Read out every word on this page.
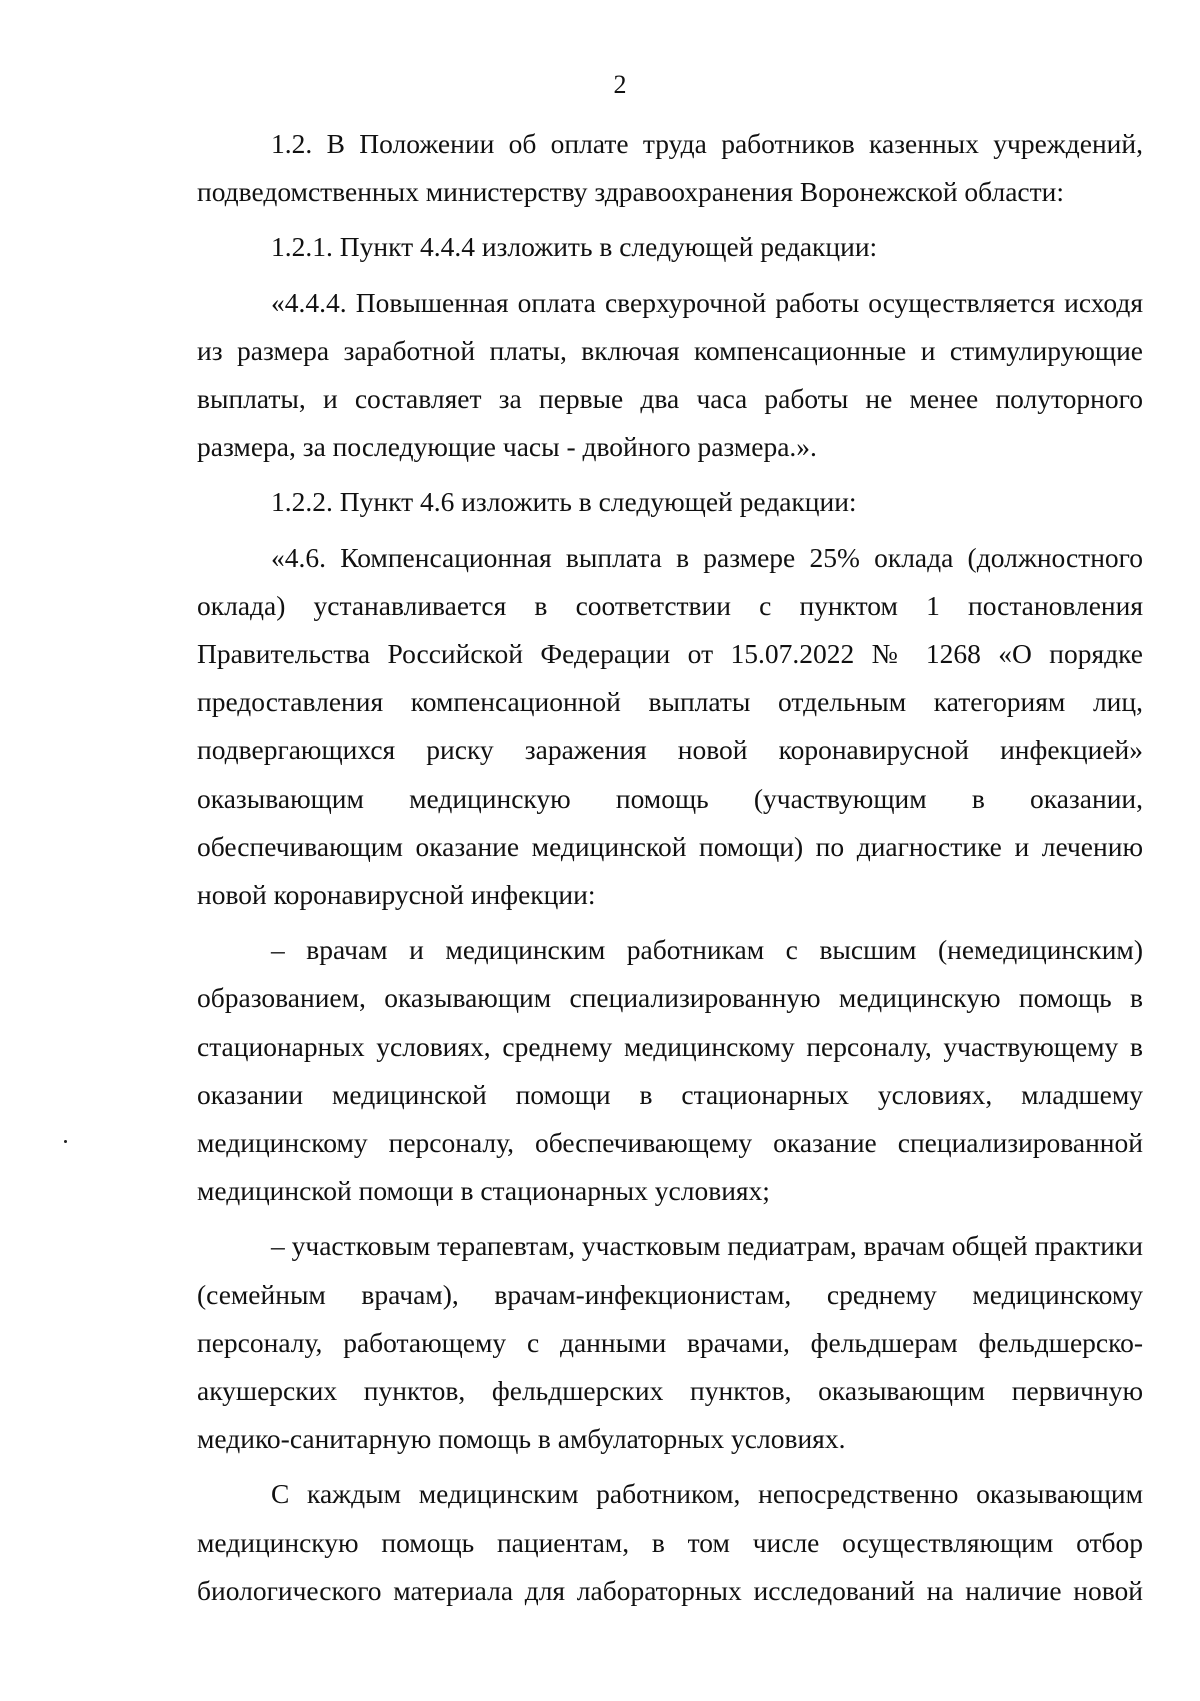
2

1.2. В Положении об оплате труда работников казенных учреждений, подведомственных министерству здравоохранения Воронежской области:

1.2.1. Пункт 4.4.4 изложить в следующей редакции:

«4.4.4. Повышенная оплата сверхурочной работы осуществляется исходя из размера заработной платы, включая компенсационные и стимулирующие выплаты, и составляет за первые два часа работы не менее полуторного размера, за последующие часы - двойного размера.».

1.2.2. Пункт 4.6 изложить в следующей редакции:

«4.6. Компенсационная выплата в размере 25% оклада (должностного оклада) устанавливается в соответствии с пунктом 1 постановления Правительства Российской Федерации от 15.07.2022 № 1268 «О порядке предоставления компенсационной выплаты отдельным категориям лиц, подвергающихся риску заражения новой коронавирусной инфекцией» оказывающим медицинскую помощь (участвующим в оказании, обеспечивающим оказание медицинской помощи) по диагностике и лечению новой коронавирусной инфекции:

– врачам и медицинским работникам с высшим (немедицинским) образованием, оказывающим специализированную медицинскую помощь в стационарных условиях, среднему медицинскому персоналу, участвующему в оказании медицинской помощи в стационарных условиях, младшему медицинскому персоналу, обеспечивающему оказание специализированной медицинской помощи в стационарных условиях;

– участковым терапевтам, участковым педиатрам, врачам общей практики (семейным врачам), врачам-инфекционистам, среднему медицинскому персоналу, работающему с данными врачами, фельдшерам фельдшерско-акушерских пунктов, фельдшерских пунктов, оказывающим первичную медико-санитарную помощь в амбулаторных условиях.

С каждым медицинским работником, непосредственно оказывающим медицинскую помощь пациентам, в том числе осуществляющим отбор биологического материала для лабораторных исследований на наличие новой
